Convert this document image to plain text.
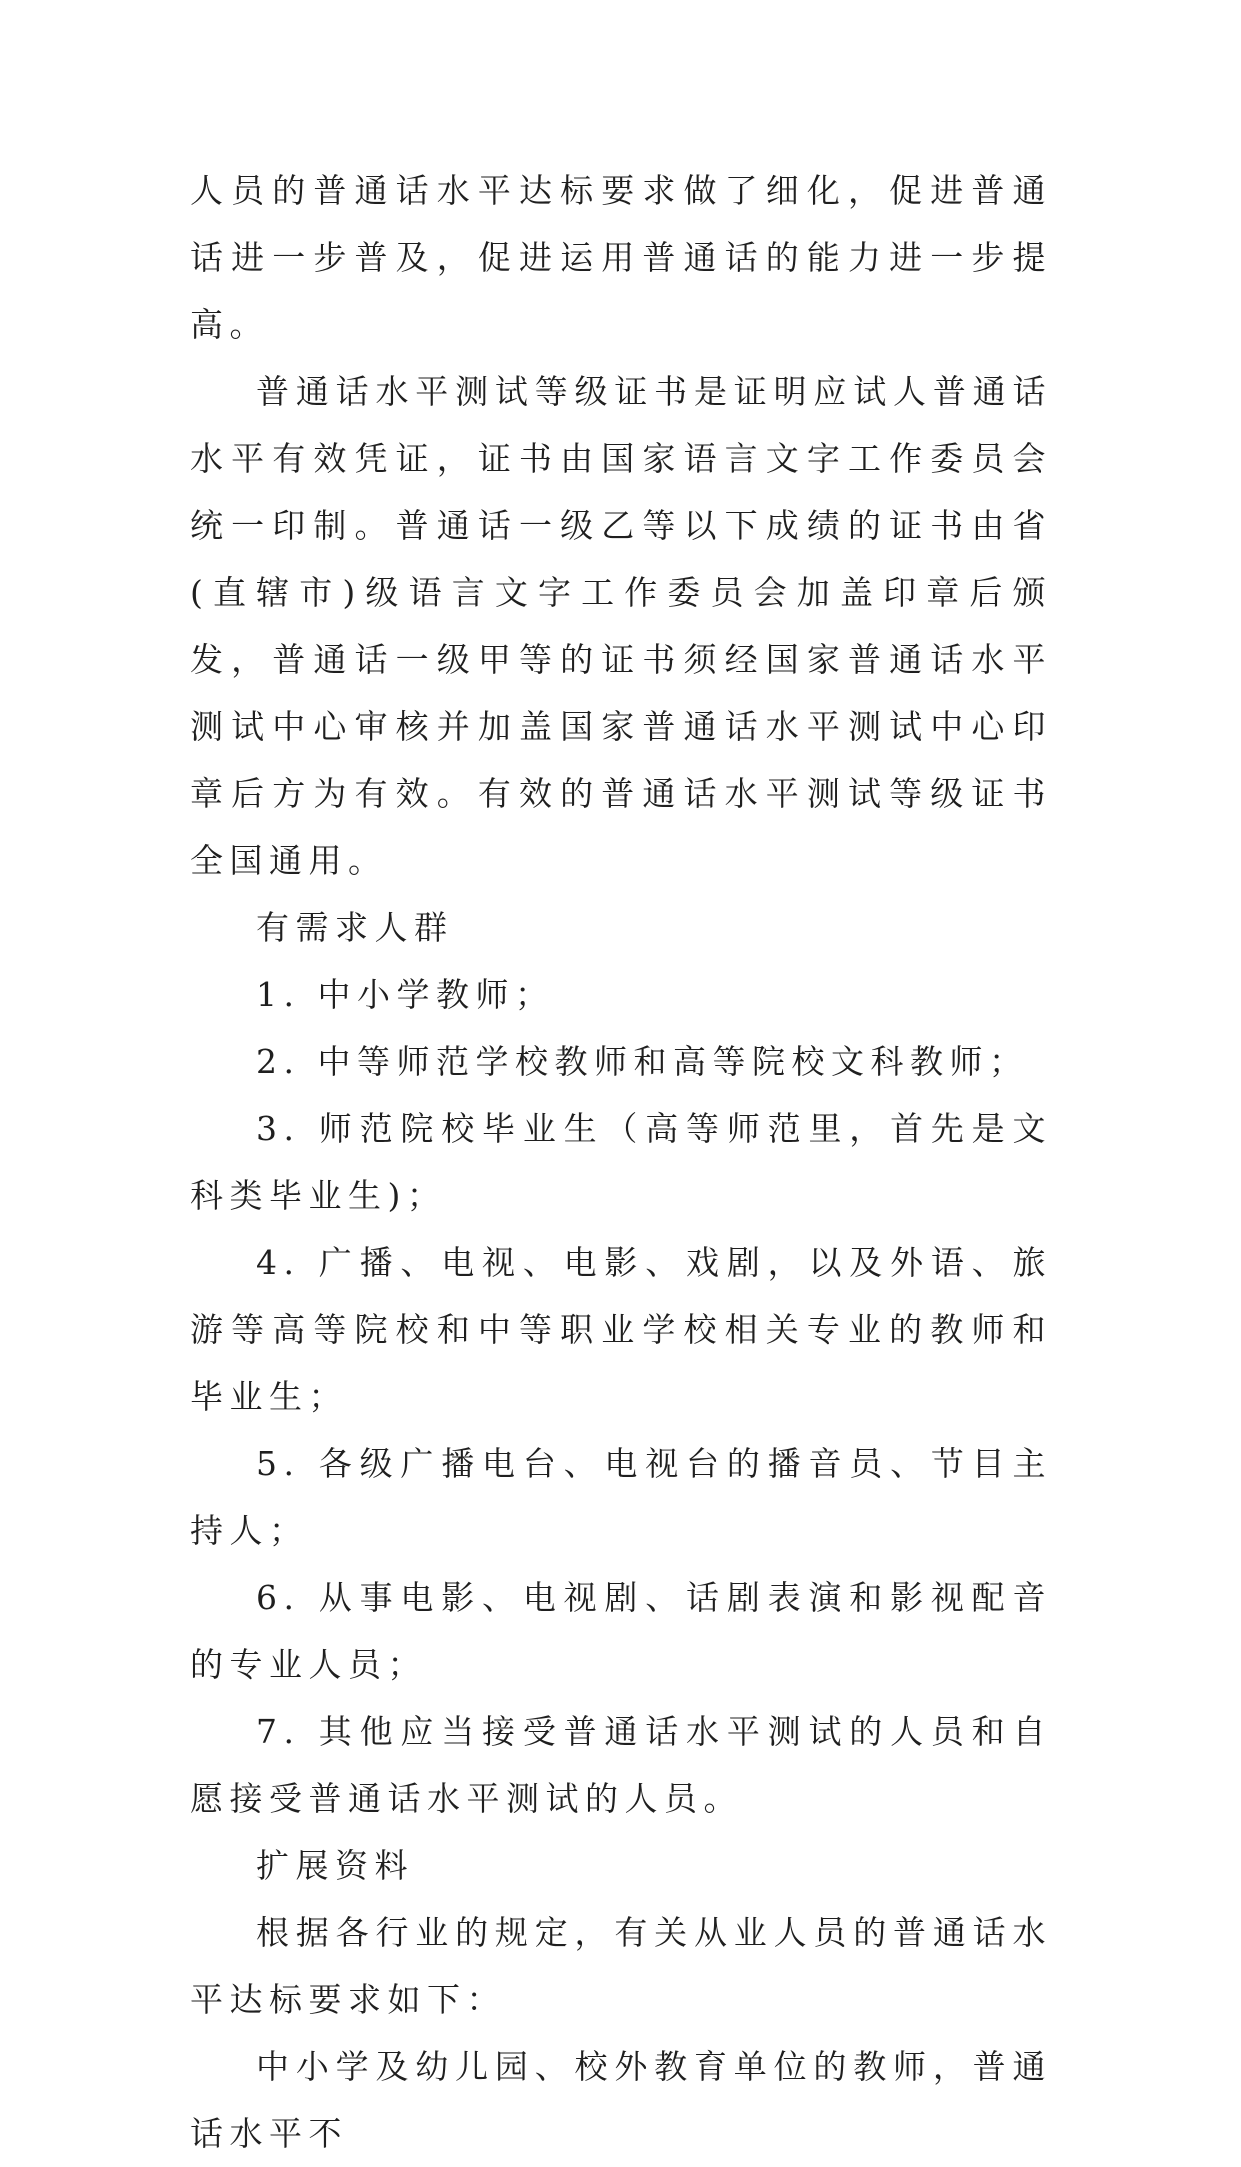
人员的普通话水平达标要求做了细化，促进普通话进一步普及，促进运用普通话的能力进一步提高。

普通话水平测试等级证书是证明应试人普通话水平有效凭证，证书由国家语言文字工作委员会统一印制。普通话一级乙等以下成绩的证书由省(直辖市)级语言文字工作委员会加盖印章后颁发，普通话一级甲等的证书须经国家普通话水平测试中心审核并加盖国家普通话水平测试中心印章后方为有效。有效的普通话水平测试等级证书全国通用。

有需求人群

1. 中小学教师；

2. 中等师范学校教师和高等院校文科教师；

3. 师范院校毕业生（高等师范里，首先是文科类毕业生)；

4. 广播、电视、电影、戏剧，以及外语、旅游等高等院校和中等职业学校相关专业的教师和毕业生；

5. 各级广播电台、电视台的播音员、节目主持人；

6. 从事电影、电视剧、话剧表演和影视配音的专业人员；

7. 其他应当接受普通话水平测试的人员和自愿接受普通话水平测试的人员。

扩展资料

根据各行业的规定，有关从业人员的普通话水平达标要求如下：

中小学及幼儿园、校外教育单位的教师，普通话水平不
